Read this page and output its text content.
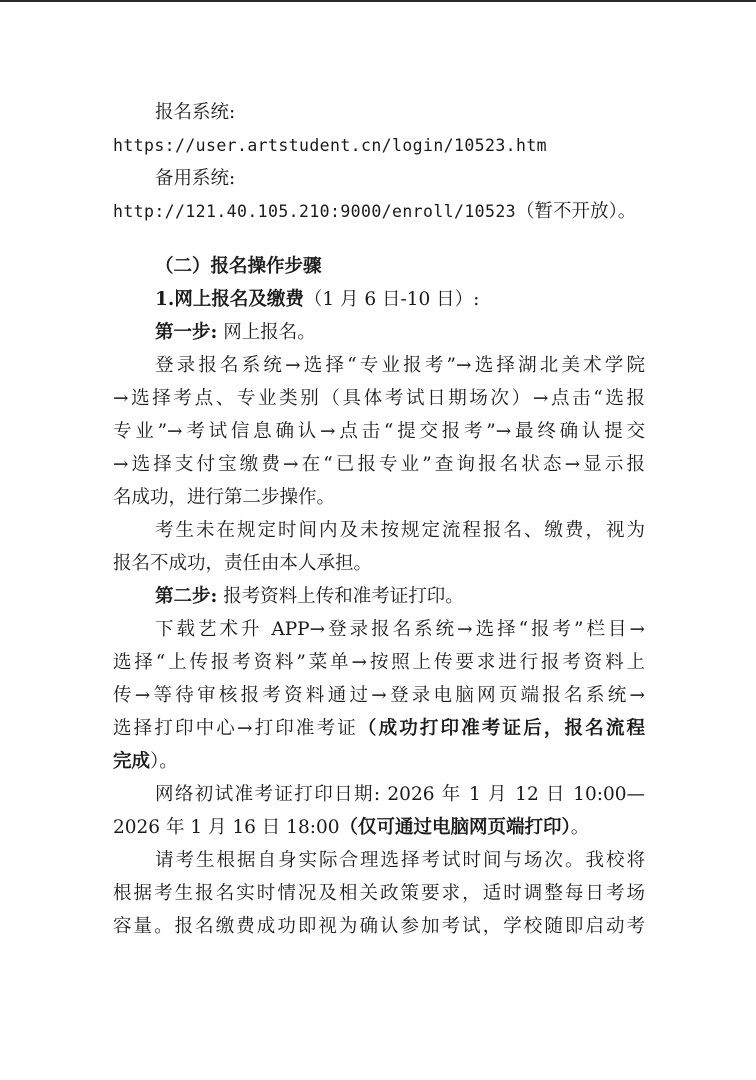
报名系统:
https://user.artstudent.cn/login/10523.htm
备用系统:
http://121.40.105.210:9000/enroll/10523（暂不开放）。
（二）报名操作步骤
1.网上报名及缴费（1 月 6 日-10 日）:
第一步: 网上报名。
登录报名系统→选择“专业报考”→选择湖北美术学院
→选择考点、专业类别（具体考试日期场次）→点击“选报
专业”→考试信息确认→点击“提交报考”→最终确认提交
→选择支付宝缴费→在“已报专业”查询报名状态→显示报
名成功，进行第二步操作。
考生未在规定时间内及未按规定流程报名、缴费，视为
报名不成功，责任由本人承担。
第二步: 报考资料上传和准考证打印。
下载艺术升 APP→登录报名系统→选择“报考”栏目→
选择“上传报考资料”菜单→按照上传要求进行报考资料上
传→等待审核报考资料通过→登录电脑网页端报名系统→
选择打印中心→打印准考证（成功打印准考证后，报名流程
完成）。
网络初试准考证打印日期: 2026 年 1 月 12 日 10:00—
2026 年 1 月 16 日 18:00（仅可通过电脑网页端打印）。
请考生根据自身实际合理选择考试时间与场次。我校将
根据考生报名实时情况及相关政策要求，适时调整每日考场
容量。报名缴费成功即视为确认参加考试，学校随即启动考
